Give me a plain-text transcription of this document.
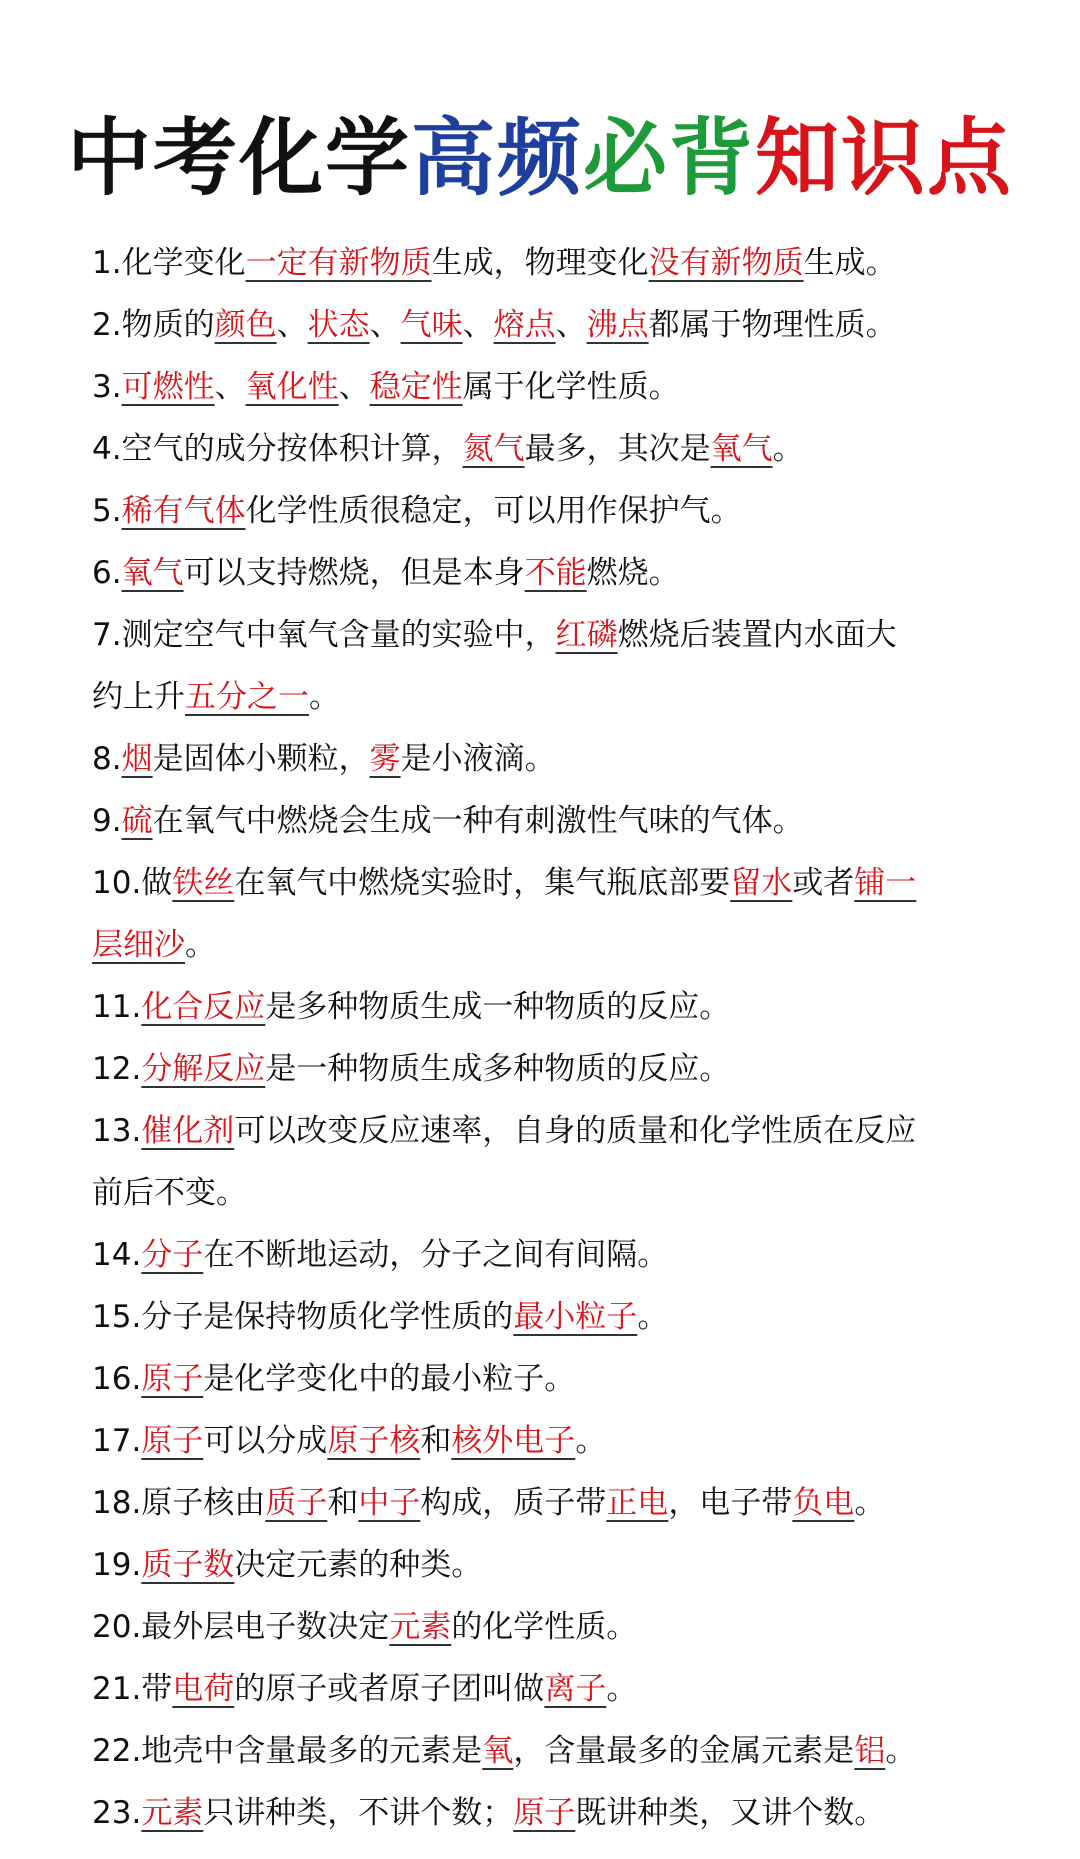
中考化学高频必背知识点
1.化学变化一定有新物质生成，物理变化没有新物质生成。
2.物质的颜色、状态、气味、熔点、沸点都属于物理性质。
3.可燃性、氧化性、稳定性属于化学性质。
4.空气的成分按体积计算，氮气最多，其次是氧气。
5.稀有气体化学性质很稳定，可以用作保护气。
6.氧气可以支持燃烧，但是本身不能燃烧。
7.测定空气中氧气含量的实验中，红磷燃烧后装置内水面大
约上升五分之一。
8.烟是固体小颗粒，雾是小液滴。
9.硫在氧气中燃烧会生成一种有刺激性气味的气体。
10.做铁丝在氧气中燃烧实验时，集气瓶底部要留水或者铺一
层细沙。
11.化合反应是多种物质生成一种物质的反应。
12.分解反应是一种物质生成多种物质的反应。
13.催化剂可以改变反应速率，自身的质量和化学性质在反应
前后不变。
14.分子在不断地运动，分子之间有间隔。
15.分子是保持物质化学性质的最小粒子。
16.原子是化学变化中的最小粒子。
17.原子可以分成原子核和核外电子。
18.原子核由质子和中子构成，质子带正电，电子带负电。
19.质子数决定元素的种类。
20.最外层电子数决定元素的化学性质。
21.带电荷的原子或者原子团叫做离子。
22.地壳中含量最多的元素是氧，含量最多的金属元素是铝。
23.元素只讲种类，不讲个数；原子既讲种类，又讲个数。
